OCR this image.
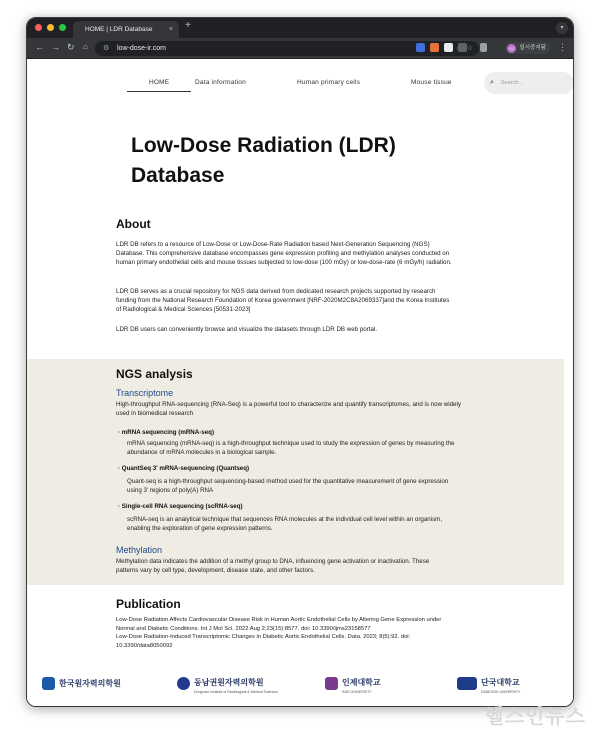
HOME | LDR Database × +	▾
← → ↻ ⌂ ⚙ low-dose-ir.com	☆	SC 일시중지됨 ⋮
HOME	Data information	Human primary cells	Mouse tissue	⌕ Search...
Low-Dose Radiation (LDR)
Database
About
LDR DB refers to a resource of Low-Dose or Low-Dose-Rate Radiation based Next-Generation Sequencing (NGS) Database. This comprehensive database encompasses gene expression profiling and methylation analyses conducted on human primary endothelial cells and mouse tissues subjected to low-dose (100 mGy) or low-dose-rate (6 mGy/h) radiation.
LDR DB serves as a crucial repository for NGS data derived from dedicated research projects supported by research funding from the National Research Foundation of Korea government [NRF-2020M2C8A2069337]and the Korea Institutes of Radiological & Medical Sciences [50531-2023]
LDR DB users can conveniently browse and visualize the datasets through LDR DB web portal.
NGS analysis
Transcriptome
High-throughput RNA-sequencing (RNA-Seq) is a powerful tool to characterize and quantify transcriptomes, and is now widely used in biomedical research
· mRNA sequencing (mRNA-seq)
mRNA sequencing (mRNA-seq) is a high-throughput technique used to study the expression of genes by measuring the abundance of mRNA molecules in a biological sample.
· QuantSeq 3' mRNA-sequencing (Quantseq)
Quant-seq is a high-throughput sequencing-based method used for the quantitative measurement of gene expression using 3' regions of poly(A) RNA
· Single-cell RNA sequencing (scRNA-seq)
scRNA-seq is an analytical technique that sequences RNA molecules at the individual cell level within an organism, enabling the exploration of gene expression patterns.
Methylation
Methylation data indicates the addition of a methyl group to DNA, influencing gene activation or inactivation. These patterns vary by cell type, development, disease state, and other factors.
Publication
Low-Dose Radiation Affects Cardiovascular Disease Risk in Human Aortic Endothelial Cells by Altering Gene Expression under Normal and Diabetic Conditions. Int J Mol Sci. 2022 Aug 2;23(15):8577. doi: 10.3390/ijms23158577
Low-Dose Radiation-Induced Transcriptomic Changes in Diabetic Aortic Endothelial Cells. Data. 2023; 8(5):92. doi: 10.3390/data8050092
한국원자력의학원	동남권원자력의학원
Dongnam Institute of Radiological & Medical Sciences
인제대학교
INJE UNIVERSITY
단국대학교
DANKOOK UNIVERSITY
헬스인뉴스
